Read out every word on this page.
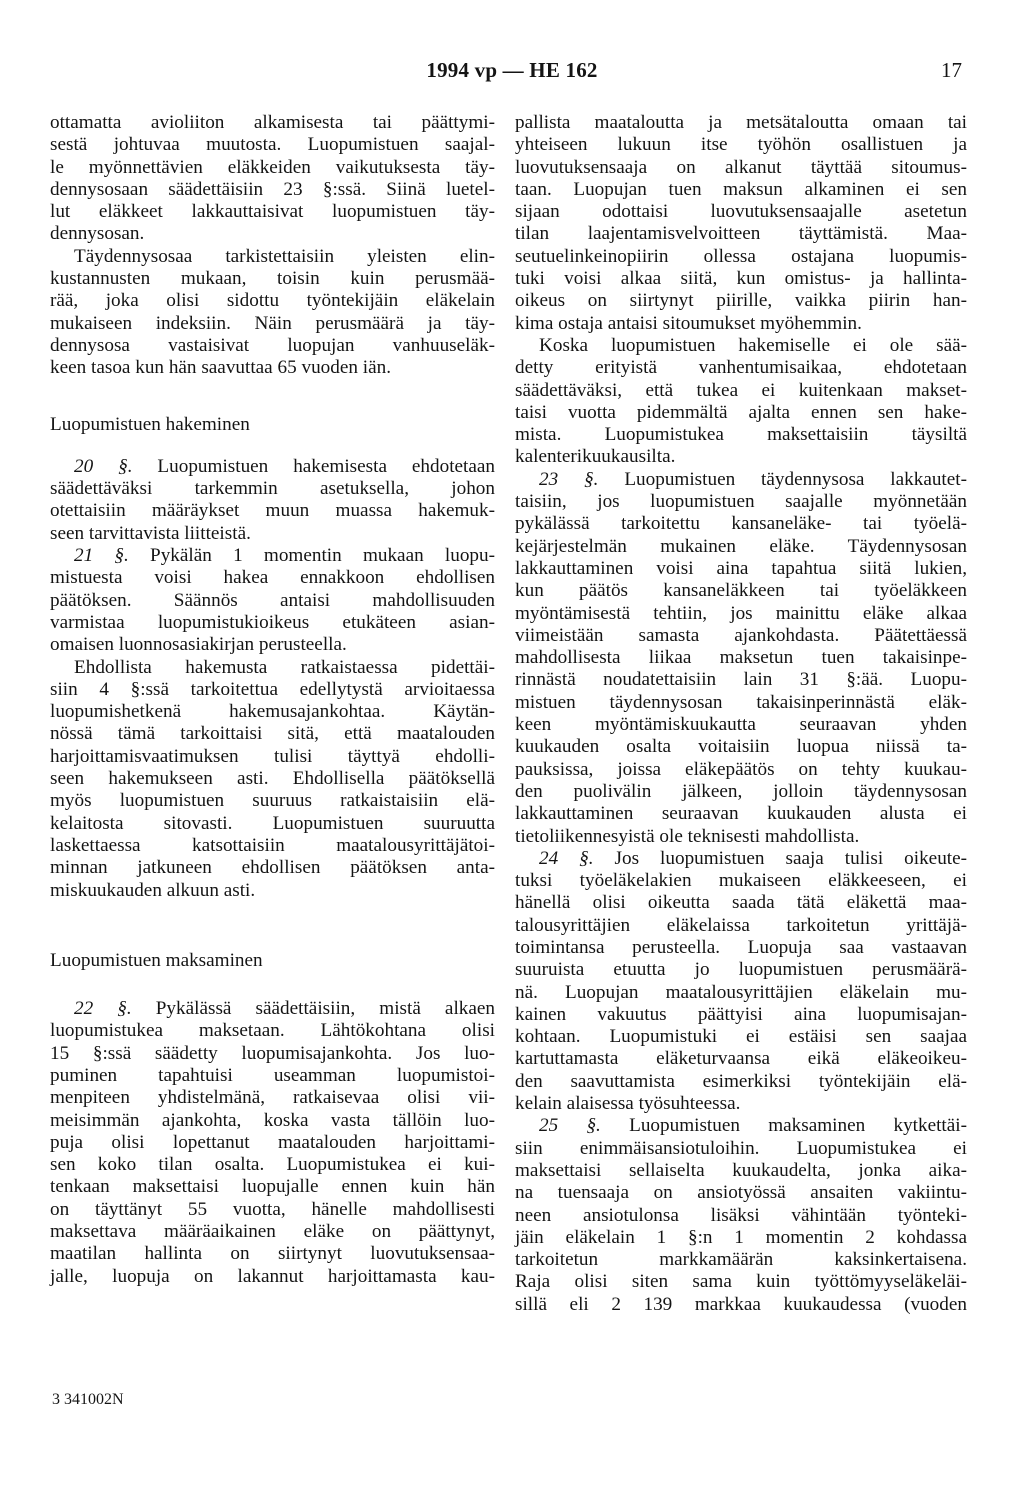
1994 vp — HE 162	17
ottamatta avioliiton alkamisesta tai päättymi-
sestä johtuvaa muutosta. Luopumistuen saajal-
le myönnettävien eläkkeiden vaikutuksesta täy-
dennysosaan säädettäisiin 23 §:ssä. Siinä luetel-
lut eläkkeet lakkauttaisivat luopumistuen täy-
dennysosan.
Täydennysosaa tarkistettaisiin yleisten elin-
kustannusten mukaan, toisin kuin perusmää-
rää, joka olisi sidottu työntekijäin eläkelain
mukaiseen indeksiin. Näin perusmäärä ja täy-
dennysosa vastaisivat luopujan vanhuuseläk-
keen tasoa kun hän saavuttaa 65 vuoden iän.
Luopumistuen hakeminen
20 §. Luopumistuen hakemisesta ehdotetaan
säädettäväksi tarkemmin asetuksella, johon
otettaisiin määräykset muun muassa hakemuk-
seen tarvittavista liitteistä.
21 §. Pykälän 1 momentin mukaan luopu-
mistuesta voisi hakea ennakkoon ehdollisen
päätöksen. Säännös antaisi mahdollisuuden
varmistaa luopumistukioikeus etukäteen asian-
omaisen luonnosasiakirjan perusteella.
Ehdollista hakemusta ratkaistaessa pidettäi-
siin 4 §:ssä tarkoitettua edellytystä arvioitaessa
luopumishetkenä hakemusajankohtaa. Käytän-
nössä tämä tarkoittaisi sitä, että maatalouden
harjoittamisvaatimuksen tulisi täyttyä ehdolli-
seen hakemukseen asti. Ehdollisella päätöksellä
myös luopumistuen suuruus ratkaistaisiin elä-
kelaitosta sitovasti. Luopumistuen suuruutta
laskettaessa katsottaisiin maatalousyrittäjätoi-
minnan jatkuneen ehdollisen päätöksen anta-
miskuukauden alkuun asti.
Luopumistuen maksaminen
22 §. Pykälässä säädettäisiin, mistä alkaen
luopumistukea maksetaan. Lähtökohtana olisi
15 §:ssä säädetty luopumisajankohta. Jos luo-
puminen tapahtuisi useamman luopumistoi-
menpiteen yhdistelmänä, ratkaisevaa olisi vii-
meisimmän ajankohta, koska vasta tällöin luo-
puja olisi lopettanut maatalouden harjoittami-
sen koko tilan osalta. Luopumistukea ei kui-
tenkaan maksettaisi luopujalle ennen kuin hän
on täyttänyt 55 vuotta, hänelle mahdollisesti
maksettava määräaikainen eläke on päättynyt,
maatilan hallinta on siirtynyt luovutuksensaa-
jalle, luopuja on lakannut harjoittamasta kau-
pallista maataloutta ja metsätaloutta omaan tai
yhteiseen lukuun itse työhön osallistuen ja
luovutuksensaaja on alkanut täyttää sitoumus-
taan. Luopujan tuen maksun alkaminen ei sen
sijaan odottaisi luovutuksensaajalle asetetun
tilan laajentamisvelvoitteen täyttämistä. Maa-
seutuelinkeinopiirin ollessa ostajana luopumis-
tuki voisi alkaa siitä, kun omistus- ja hallinta-
oikeus on siirtynyt piirille, vaikka piirin han-
kima ostaja antaisi sitoumukset myöhemmin.
Koska luopumistuen hakemiselle ei ole sää-
detty erityistä vanhentumisaikaa, ehdotetaan
säädettäväksi, että tukea ei kuitenkaan makset-
taisi vuotta pidemmältä ajalta ennen sen hake-
mista. Luopumistukea maksettaisiin täysiltä
kalenterikuukausilta.
23 §. Luopumistuen täydennysosa lakkautet-
taisiin, jos luopumistuen saajalle myönnetään
pykälässä tarkoitettu kansaneläke- tai työelä-
kejärjestelmän mukainen eläke. Täydennysosan
lakkauttaminen voisi aina tapahtua siitä lukien,
kun päätös kansaneläkkeen tai työeläkkeen
myöntämisestä tehtiin, jos mainittu eläke alkaa
viimeistään samasta ajankohdasta. Päätettäessä
mahdollisesta liikaa maksetun tuen takaisinpe-
rinnästä noudatettaisiin lain 31 §:ää. Luopu-
mistuen täydennysosan takaisinperinnästä eläk-
keen myöntämiskuukautta seuraavan yhden
kuukauden osalta voitaisiin luopua niissä ta-
pauksissa, joissa eläkepäätös on tehty kuukau-
den puolivälin jälkeen, jolloin täydennysosan
lakkauttaminen seuraavan kuukauden alusta ei
tietoliikennesyistä ole teknisesti mahdollista.
24 §. Jos luopumistuen saaja tulisi oikeute-
tuksi työeläkelakien mukaiseen eläkkeeseen, ei
hänellä olisi oikeutta saada tätä eläkettä maa-
talousyrittäjien eläkelaissa tarkoitetun yrittäjä-
toimintansa perusteella. Luopuja saa vastaavan
suuruista etuutta jo luopumistuen perusmäärä-
nä. Luopujan maatalousyrittäjien eläkelain mu-
kainen vakuutus päättyisi aina luopumisajan-
kohtaan. Luopumistuki ei estäisi sen saajaa
kartuttamasta eläketurvaansa eikä eläkeoikeu-
den saavuttamista esimerkiksi työntekijäin elä-
kelain alaisessa työsuhteessa.
25 §. Luopumistuen maksaminen kytkettäi-
siin enimmäisansiotuloihin. Luopumistukea ei
maksettaisi sellaiselta kuukaudelta, jonka aika-
na tuensaaja on ansiotyössä ansaiten vakiintu-
neen ansiotulonsa lisäksi vähintään työnteki-
jäin eläkelain 1 §:n 1 momentin 2 kohdassa
tarkoitetun markkamäärän kaksinkertaisena.
Raja olisi siten sama kuin työttömyyseläkeläi-
sillä eli 2 139 markkaa kuukaudessa (vuoden
3 341002N
